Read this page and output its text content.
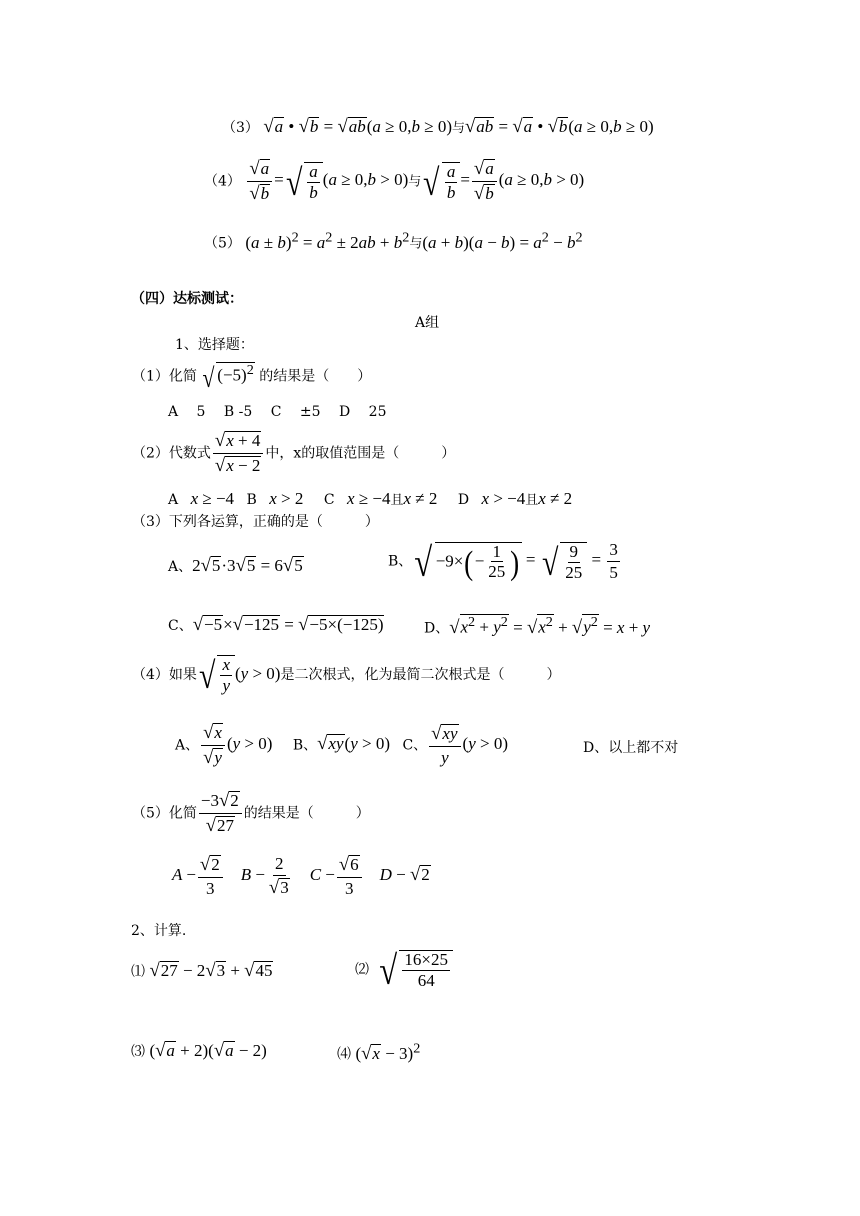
（3） √a • √b = √ab(a ≥ 0,b ≥ 0)与√ab = √a • √b(a ≥ 0,b ≥ 0)
$(4) \frac{√a}{√b}$ =√ $\frac{a}{b} (a \ge 0,b > 0)$与√ $\frac{a}{b} = \frac{√a}{√b} (a \ge 0,b > 0)$
（5） $(a \pm b)^2 = a^2 \pm 2ab + b^2$与$(a + b)(a - b) = a^2 - b^2$
（四）达标测试：
A组
1、选择题：
（1）化简 √ $(-5)^2$ 的结果是（　　）
A　 5　 B -5　 C　 ±5　 D　 25
（2）代数式 $\frac{√x + 4}{√x - 2}$ 中，x的取值范围是（　　　）
A x ≥ −4 B x > 2 C x ≥ −4且x ≠ 2 D x > −4且x ≠ 2
（3）下列各运算，正确的是（　　　）
A、2√5·3√5 = 6√5	B、√ $-9\times(- \frac{1}{25}$ ) = √ $\frac{9}{25} = \frac{3}{5}$
C、√−5×√−125 = √−5×(−125)	D、$√x^2 + y^2 = √x^2 + √y^2 = x + y$
（4）如果√ $\frac{x}{y} (y > 0)$是二次根式，化为最简二次根式是（　　　）
A、 $\frac{√x}{√y} (y > 0)$ B、√xy(y > 0) C、 $\frac{√xy}{y} (y > 0)$	D、以上都不对
（5）化简 $\frac{-3√2}{√27}$ 的结果是（　　　）
$A - \frac{√2}{3}$ $B - \frac{2}{√3}$ $C - \frac{√6}{3}$ D − √2
2、计算.
⑴ √27 − 2√3 + √45	⑵ √ $\frac{16\times 25}{64}$
⑶ (√a + 2)(√a − 2)	⑷ $(√x - 3)^2$
